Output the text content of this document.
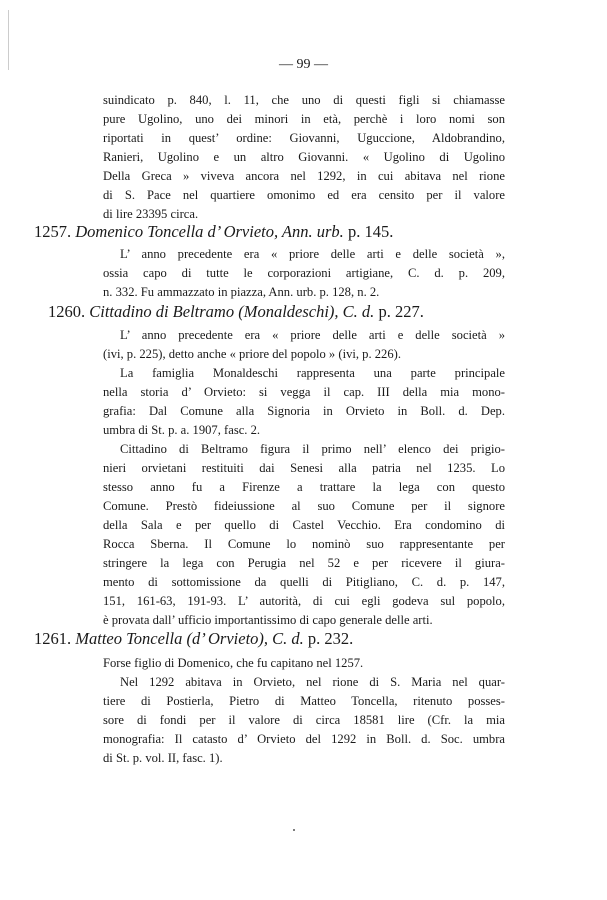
— 99 —
suindicato p. 840, l. 11, che uno di questi figli si chiamasse
pure Ugolino, uno dei minori in età, perchè i loro nomi son
riportati in quest’ ordine: Giovanni, Uguccione, Aldobrandino,
Ranieri, Ugolino e un altro Giovanni. « Ugolino di Ugolino
Della Greca » viveva ancora nel 1292, in cui abitava nel rione
di S. Pace nel quartiere omonimo ed era censito per il valore
di lire 23395 circa.
1257. Domenico Toncella d’ Orvieto, Ann. urb. p. 145.
L’ anno precedente era « priore delle arti e delle società »,
ossia capo di tutte le corporazioni artigiane, C. d. p. 209,
n. 332. Fu ammazzato in piazza, Ann. urb. p. 128, n. 2.
1260. Cittadino di Beltramo (Monaldeschi), C. d. p. 227.
L’ anno precedente era « priore delle arti e delle società »
(ivi, p. 225), detto anche « priore del popolo » (ivi, p. 226).
La famiglia Monaldeschi rappresenta una parte principale
nella storia d’ Orvieto: si vegga il cap. III della mia mono-
grafia: Dal Comune alla Signoria in Orvieto in Boll. d. Dep.
umbra di St. p. a. 1907, fasc. 2.
Cittadino di Beltramo figura il primo nell’ elenco dei prigio-
nieri orvietani restituiti dai Senesi alla patria nel 1235. Lo
stesso anno fu a Firenze a trattare la lega con questo
Comune. Prestò fideiussione al suo Comune per il signore
della Sala e per quello di Castel Vecchio. Era condomino di
Rocca Sberna. Il Comune lo nominò suo rappresentante per
stringere la lega con Perugia nel 52 e per ricevere il giura-
mento di sottomissione da quelli di Pitigliano, C. d. p. 147,
151, 161-63, 191-93. L’ autorità, di cui egli godeva sul popolo,
è provata dall’ ufficio importantissimo di capo generale delle arti.
1261. Matteo Toncella (d’ Orvieto), C. d. p. 232.
Forse figlio di Domenico, che fu capitano nel 1257.
Nel 1292 abitava in Orvieto, nel rione di S. Maria nel quar-
tiere di Postierla, Pietro di Matteo Toncella, ritenuto posses-
sore di fondi per il valore di circa 18581 lire (Cfr. la mia
monografia: Il catasto d’ Orvieto del 1292 in Boll. d. Soc. umbra
di St. p. vol. II, fasc. 1).
